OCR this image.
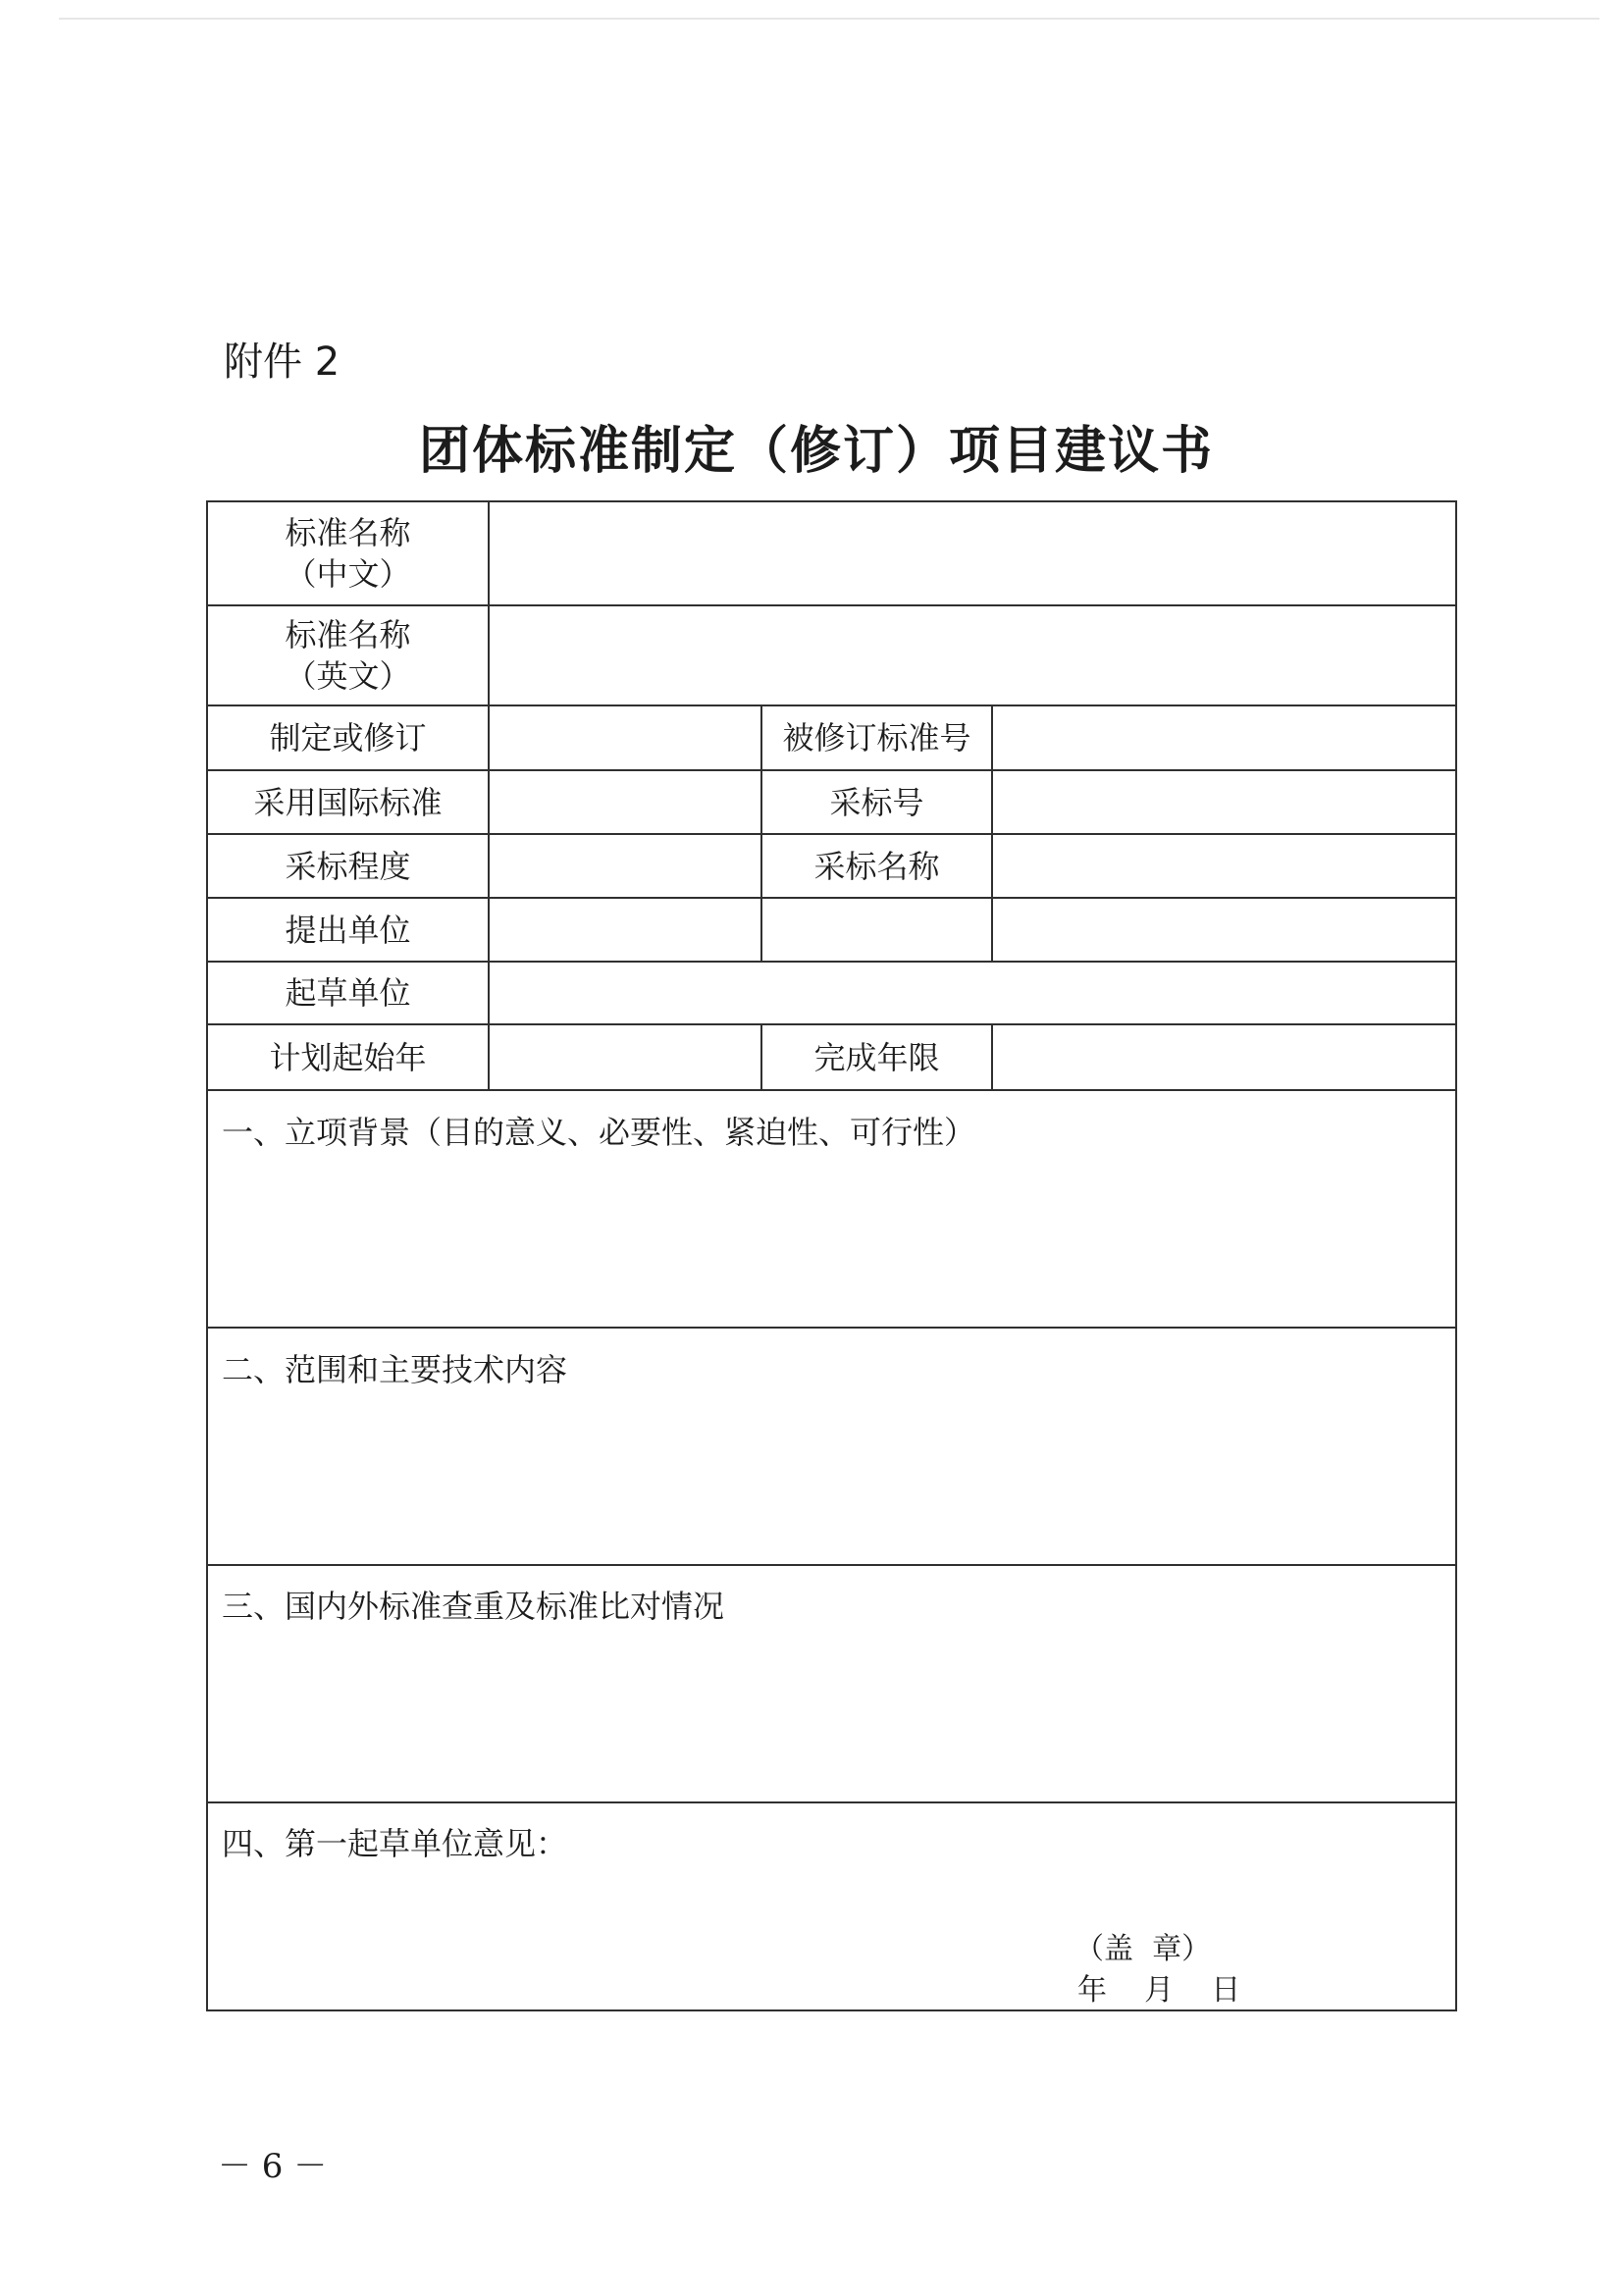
附件 2
团体标准制定（修订）项目建议书
标准名称
（中文）
标准名称
（英文）
制定或修订	被修订标准号
采用国际标准	采标号
采标程度	采标名称
提出单位
起草单位
计划起始年	完成年限
一、立项背景（目的意义、必要性、紧迫性、可行性）
二、范围和主要技术内容
三、国内外标准查重及标准比对情况
四、第一起草单位意见：
（盖  章）
年    月    日
－ 6 －
